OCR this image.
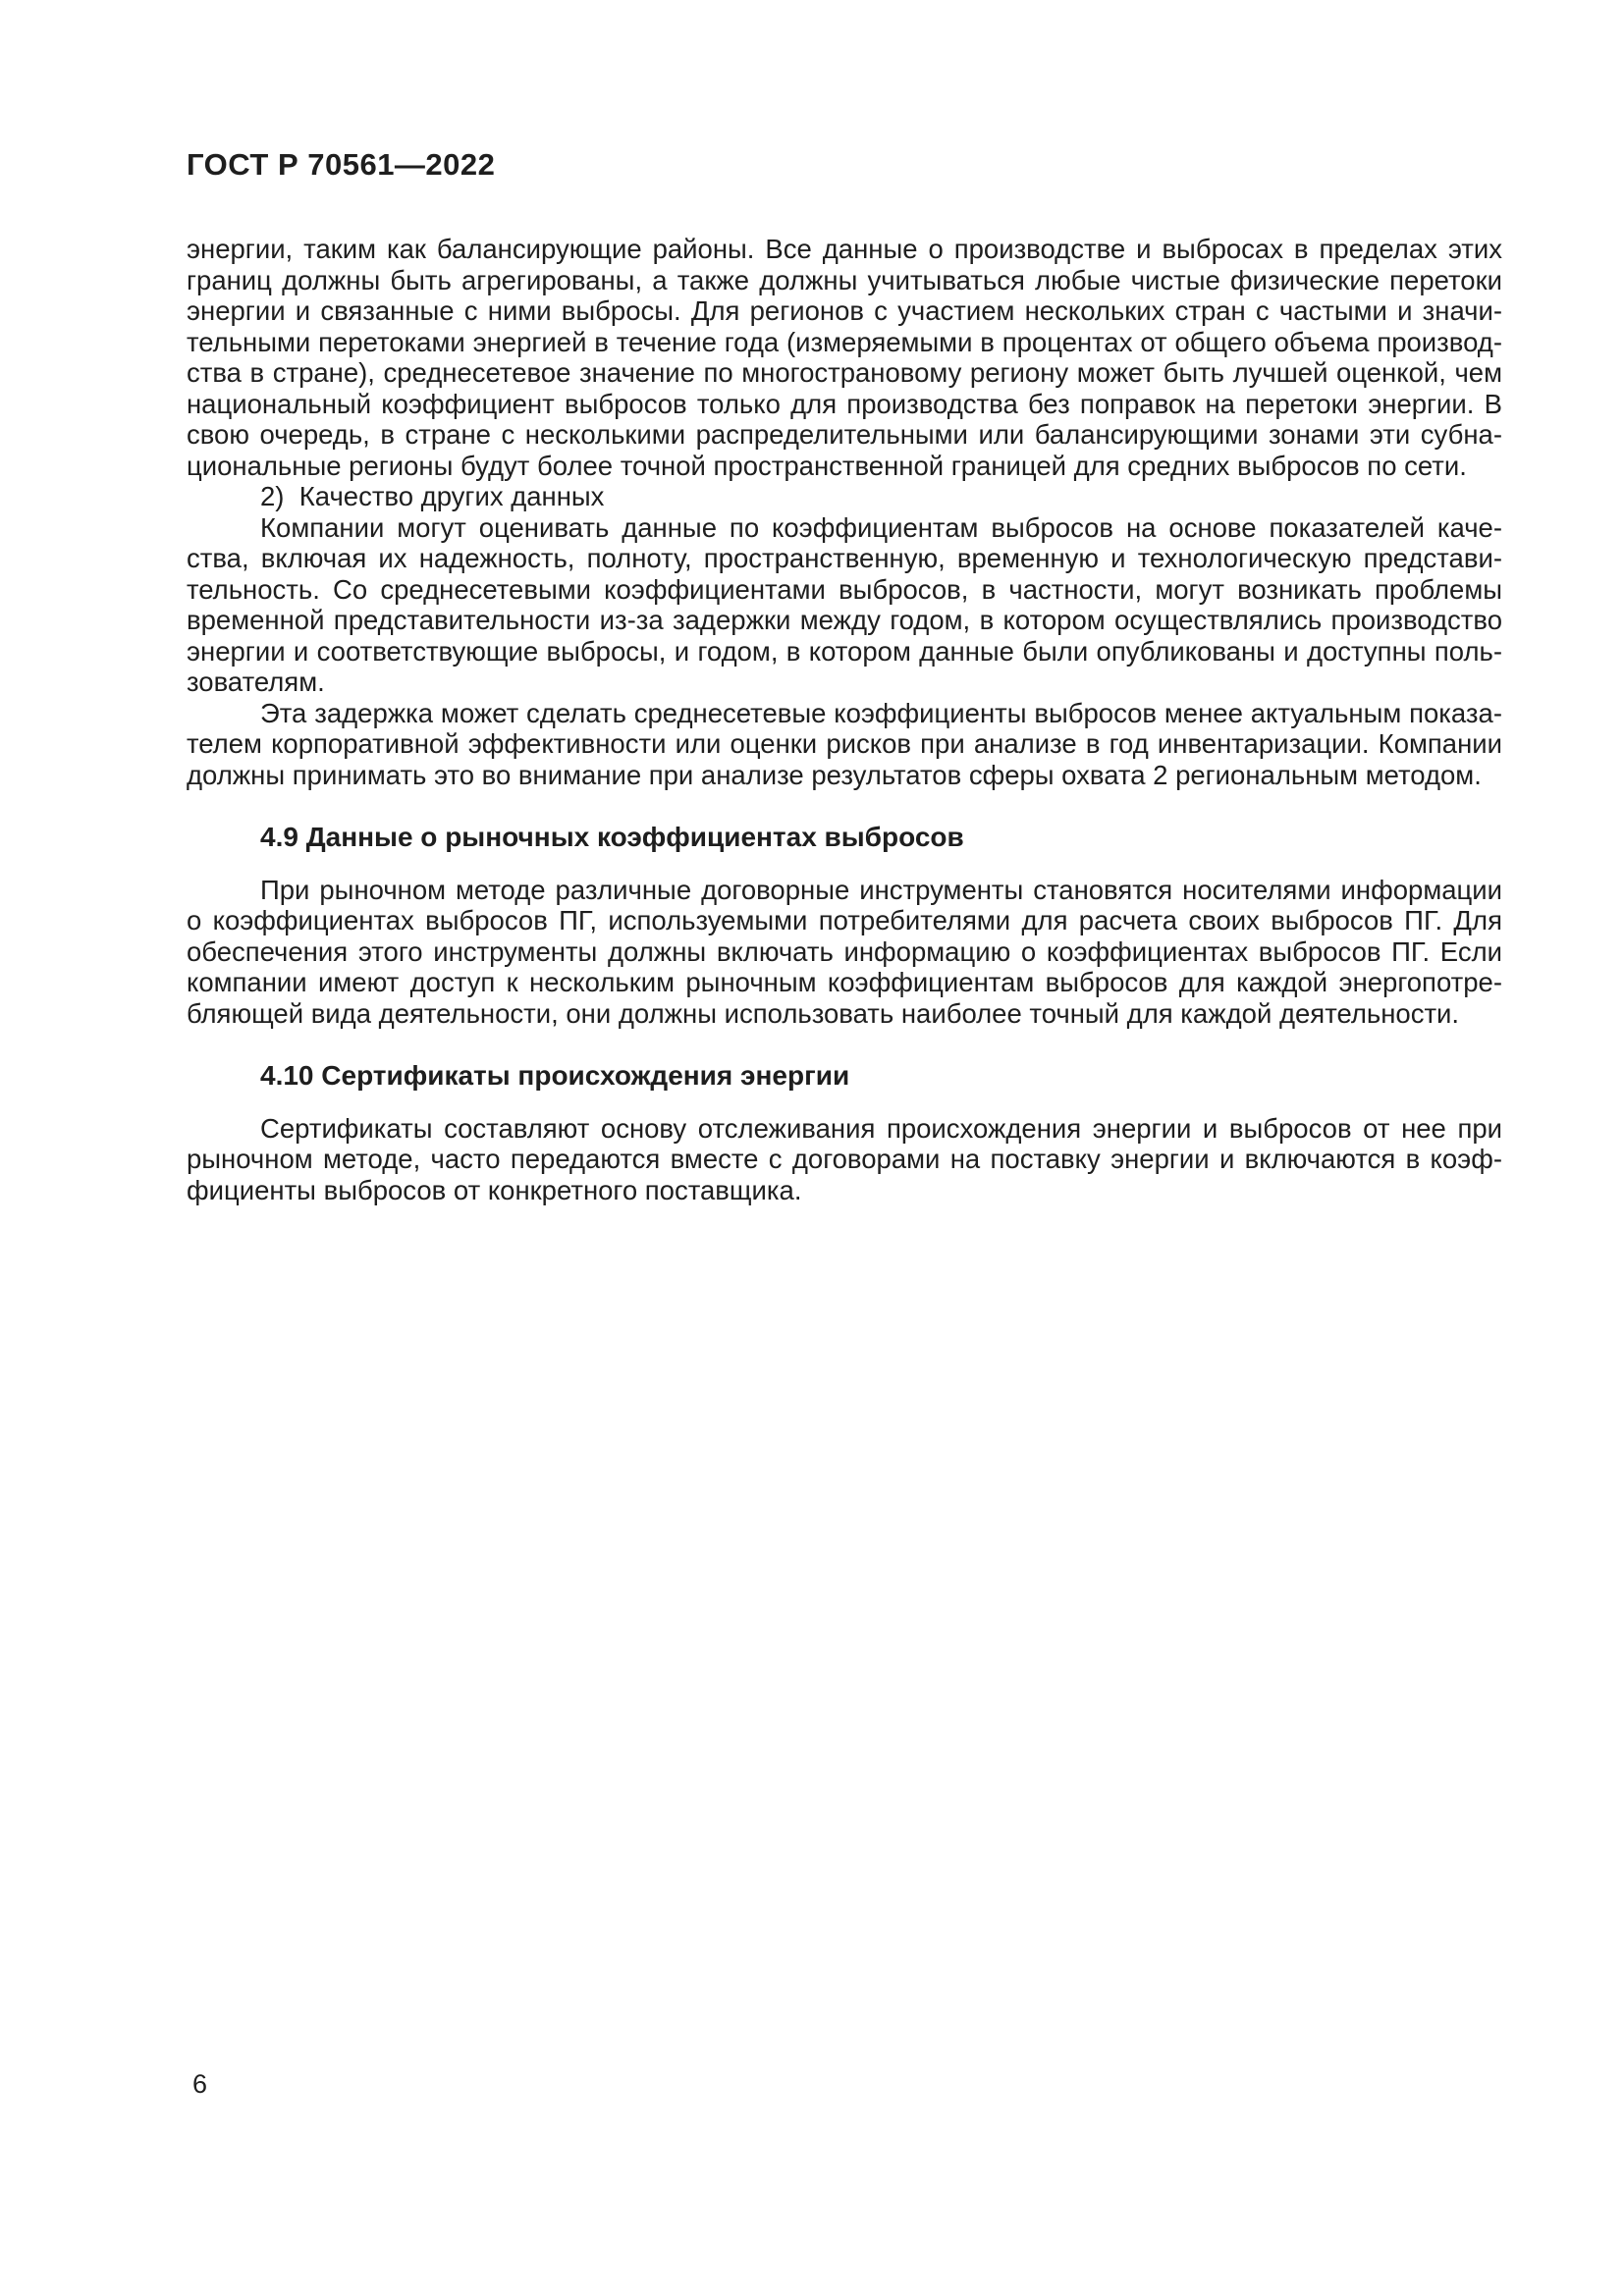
ГОСТ Р 70561—2022

энергии, таким как балансирующие районы. Все данные о производстве и выбросах в пределах этих границ должны быть агрегированы, а также должны учитываться любые чистые физические перетоки энергии и связанные с ними выбросы. Для регионов с участием нескольких стран с частыми и значительными перетоками энергией в течение года (измеряемыми в процентах от общего объема производства в стране), среднесетевое значение по многострановому региону может быть лучшей оценкой, чем национальный коэффициент выбросов только для производства без поправок на перетоки энергии. В свою очередь, в стране с несколькими распределительными или балансирующими зонами эти субнациональные регионы будут более точной пространственной границей для средних выбросов по сети.

2)  Качество других данных

Компании могут оценивать данные по коэффициентам выбросов на основе показателей качества, включая их надежность, полноту, пространственную, временную и технологическую представительность. Со среднесетевыми коэффициентами выбросов, в частности, могут возникать проблемы временной представительности из-за задержки между годом, в котором осуществлялись производство энергии и соответствующие выбросы, и годом, в котором данные были опубликованы и доступны пользователям.

Эта задержка может сделать среднесетевые коэффициенты выбросов менее актуальным показателем корпоративной эффективности или оценки рисков при анализе в год инвентаризации. Компании должны принимать это во внимание при анализе результатов сферы охвата 2 региональным методом.

4.9 Данные о рыночных коэффициентах выбросов

При рыночном методе различные договорные инструменты становятся носителями информации о коэффициентах выбросов ПГ, используемыми потребителями для расчета своих выбросов ПГ. Для обеспечения этого инструменты должны включать информацию о коэффициентах выбросов ПГ. Если компании имеют доступ к нескольким рыночным коэффициентам выбросов для каждой энергопотребляющей вида деятельности, они должны использовать наиболее точный для каждой деятельности.

4.10 Сертификаты происхождения энергии

Сертификаты составляют основу отслеживания происхождения энергии и выбросов от нее при рыночном методе, часто передаются вместе с договорами на поставку энергии и включаются в коэффициенты выбросов от конкретного поставщика.

6
